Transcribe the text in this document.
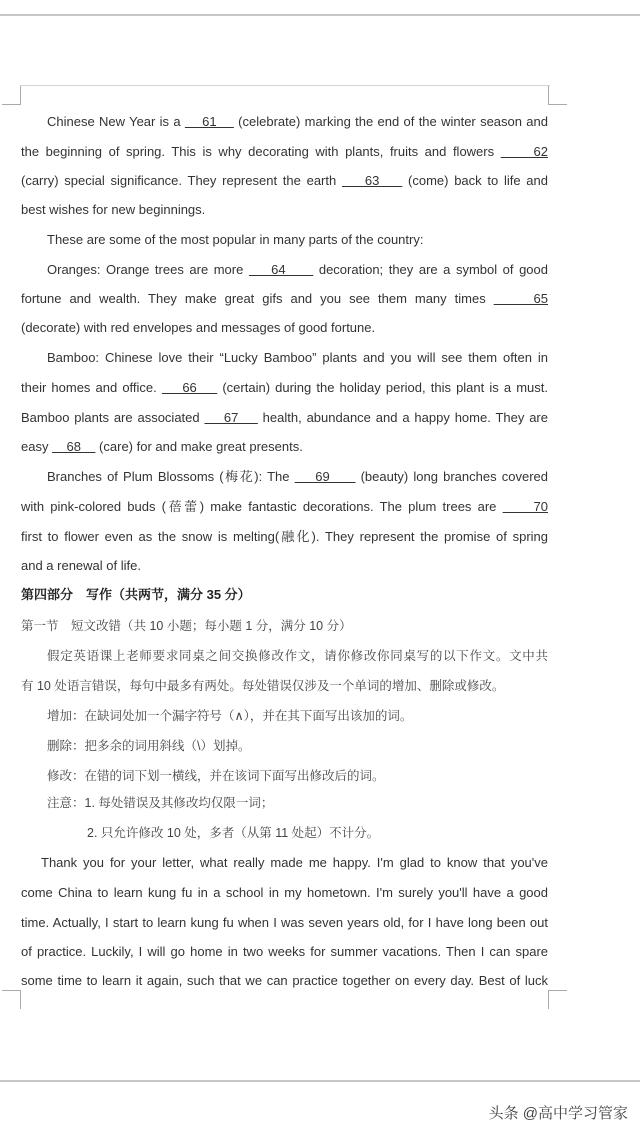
Chinese New Year is a     61     (celebrate) marking the end of the winter season and
the beginning of spring. This is why decorating with plants, fruits and flowers      62
(carry) special significance. They represent the earth     63     (come) back to life and
best wishes for new beginnings.
These are some of the most popular in many parts of the country:
Oranges: Orange trees are more     64      decoration; they are a symbol of good
fortune and wealth. They make great gifs and you see them many times      65
(decorate) with red envelopes and messages of good fortune.
Bamboo: Chinese love their “Lucky Bamboo” plants and you will see them often in
their homes and office.     66     (certain) during the holiday period, this plant is a must.
Bamboo plants are associated     67     health, abundance and a happy home. They are
easy     68     (care) for and make great presents.
Branches of Plum Blossoms (梅花): The     69      (beauty) long branches covered
with pink-colored buds (蓓蕾) make fantastic decorations. The plum trees are      70
first to flower even as the snow is melting(融化). They represent the promise of spring
and a renewal of life.
第四部分　写作（共两节，满分 35 分）
第一节　短文改错（共 10 小题；每小题 1 分，满分 10 分）
假定英语课上老师要求同桌之间交换修改作文，请你修改你同桌写的以下作文。文中共
有 10 处语言错误，每句中最多有两处。每处错误仅涉及一个单词的增加、删除或修改。
增加：在缺词处加一个漏字符号（∧），并在其下面写出该加的词。
删除：把多余的词用斜线（\）划掉。
修改：在错的词下划一横线，并在该词下面写出修改后的词。
注意：1. 每处错误及其修改均仅限一词；
2. 只允许修改 10 处，多者（从第 11 处起）不计分。
Thank you for your letter, what really made me happy. I'm glad to know that you've
come China to learn kung fu in a school in my hometown. I'm surely you'll have a good
time. Actually, I start to learn kung fu when I was seven years old, for I have long been out
of practice. Luckily, I will go home in two weeks for summer vacations. Then I can spare
some time to learn it again, such that we can practice together on every day. Best of luck
头条 @高中学习管家
